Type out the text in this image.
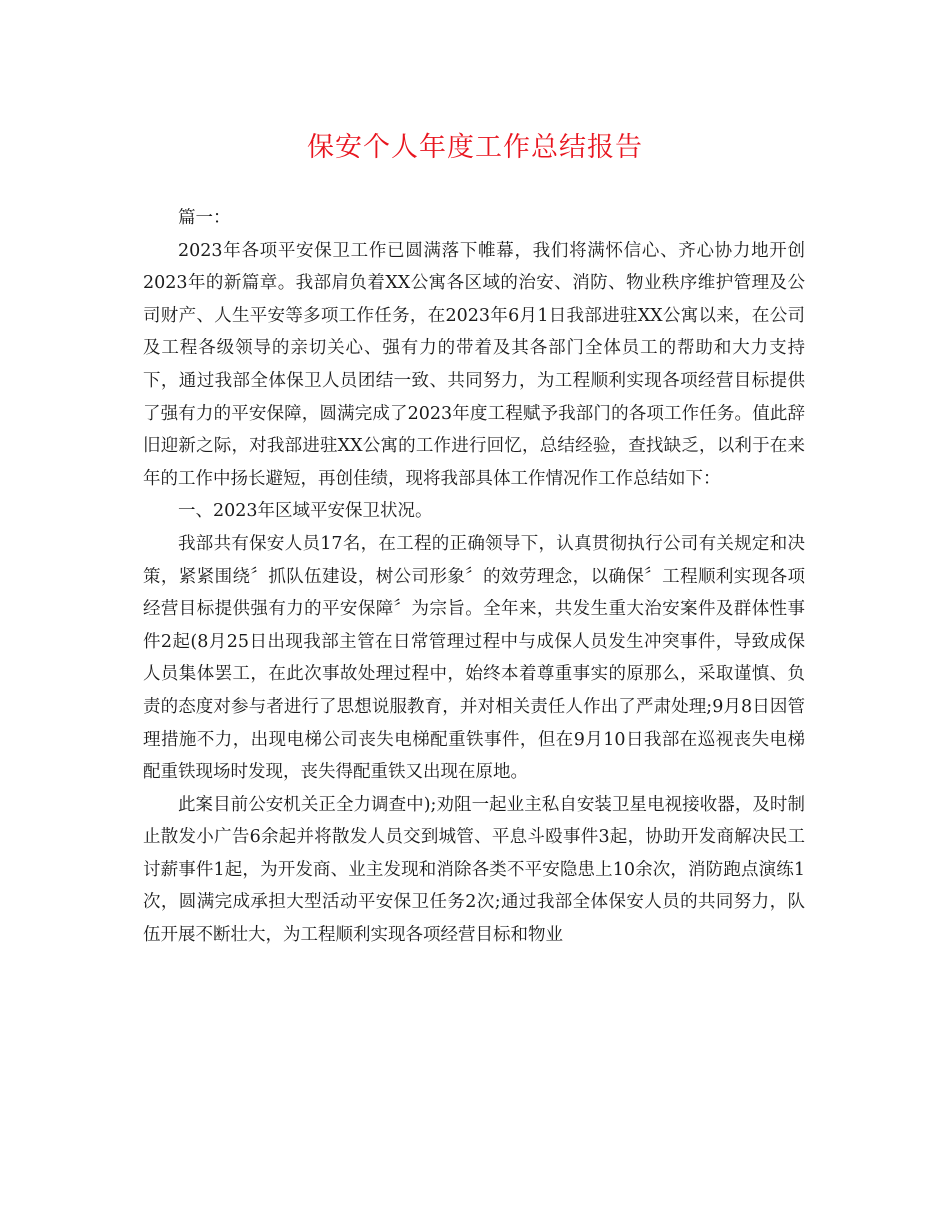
保安个人年度工作总结报告

篇一：

2023年各项平安保卫工作已圆满落下帷幕，我们将满怀信心、齐心协力地开创2023年的新篇章。我部肩负着XX公寓各区域的治安、消防、物业秩序维护管理及公司财产、人生平安等多项工作任务，在2023年6月1日我部进驻XX公寓以来，在公司及工程各级领导的亲切关心、强有力的带着及其各部门全体员工的帮助和大力支持下，通过我部全体保卫人员团结一致、共同努力，为工程顺利实现各项经营目标提供了强有力的平安保障，圆满完成了2023年度工程赋予我部门的各项工作任务。值此辞旧迎新之际，对我部进驻XX公寓的工作进行回忆，总结经验，查找缺乏，以利于在来年的工作中扬长避短，再创佳绩，现将我部具体工作情况作工作总结如下：

一、2023年区域平安保卫状况。

我部共有保安人员17名，在工程的正确领导下，认真贯彻执行公司有关规定和决策，紧紧围绕〞抓队伍建设，树公司形象〞的效劳理念，以确保〞工程顺利实现各项经营目标提供强有力的平安保障〞为宗旨。全年来，共发生重大治安案件及群体性事件2起(8月25日出现我部主管在日常管理过程中与成保人员发生冲突事件，导致成保人员集体罢工，在此次事故处理过程中，始终本着尊重事实的原那么，采取谨慎、负责的态度对参与者进行了思想说服教育，并对相关责任人作出了严肃处理;9月8日因管理措施不力，出现电梯公司丧失电梯配重铁事件，但在9月10日我部在巡视丧失电梯配重铁现场时发现，丧失得配重铁又出现在原地。

此案目前公安机关正全力调查中);劝阻一起业主私自安装卫星电视接收器，及时制止散发小广告6余起并将散发人员交到城管、平息斗殴事件3起，协助开发商解决民工讨薪事件1起，为开发商、业主发现和消除各类不平安隐患上10余次，消防跑点演练1次，圆满完成承担大型活动平安保卫任务2次;通过我部全体保安人员的共同努力，队伍开展不断壮大，为工程顺利实现各项经营目标和物业
